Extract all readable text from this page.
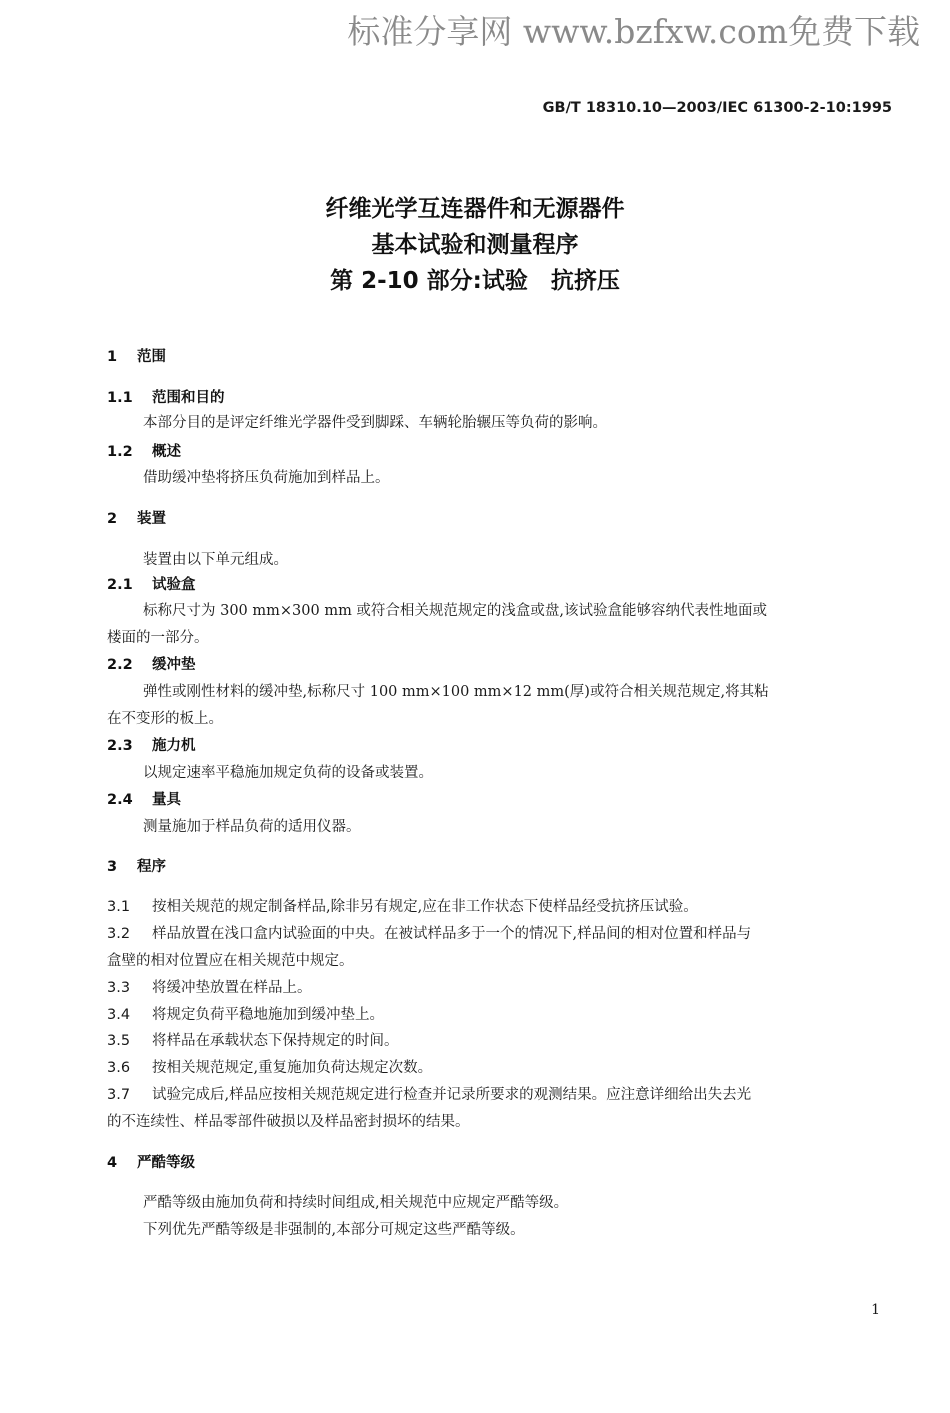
标准分享网 www.bzfxw.com免费下载
GB/T 18310.10—2003/IEC 61300-2-10:1995
纤维光学互连器件和无源器件
基本试验和测量程序
第 2-10 部分:试验　抗挤压
1 范围
1.1 范围和目的
本部分目的是评定纤维光学器件受到脚踩、车辆轮胎辗压等负荷的影响。
1.2 概述
借助缓冲垫将挤压负荷施加到样品上。
2 装置
装置由以下单元组成。
2.1 试验盒
标称尺寸为 300 mm×300 mm 或符合相关规范规定的浅盒或盘,该试验盒能够容纳代表性地面或
楼面的一部分。
2.2 缓冲垫
弹性或刚性材料的缓冲垫,标称尺寸 100 mm×100 mm×12 mm(厚)或符合相关规范规定,将其粘
在不变形的板上。
2.3 施力机
以规定速率平稳施加规定负荷的设备或装置。
2.4 量具
测量施加于样品负荷的适用仪器。
3 程序
3.1 按相关规范的规定制备样品,除非另有规定,应在非工作状态下使样品经受抗挤压试验。
3.2 样品放置在浅口盒内试验面的中央。在被试样品多于一个的情况下,样品间的相对位置和样品与
盒壁的相对位置应在相关规范中规定。
3.3 将缓冲垫放置在样品上。
3.4 将规定负荷平稳地施加到缓冲垫上。
3.5 将样品在承载状态下保持规定的时间。
3.6 按相关规范规定,重复施加负荷达规定次数。
3.7 试验完成后,样品应按相关规范规定进行检查并记录所要求的观测结果。应注意详细给出失去光
的不连续性、样品零部件破损以及样品密封损坏的结果。
4 严酷等级
严酷等级由施加负荷和持续时间组成,相关规范中应规定严酷等级。
下列优先严酷等级是非强制的,本部分可规定这些严酷等级。
1
